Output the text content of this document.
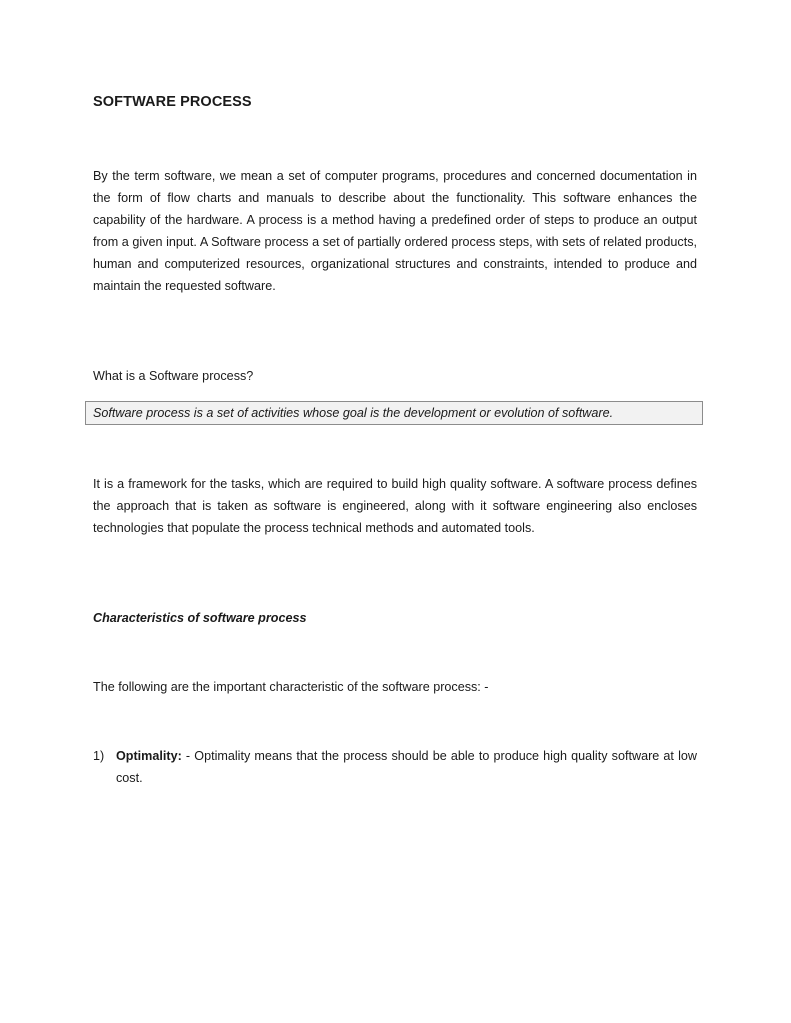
SOFTWARE PROCESS

By the term software, we mean a set of computer programs, procedures and concerned documentation in the form of flow charts and manuals to describe about the functionality. This software enhances the capability of the hardware. A process is a method having a predefined order of steps to produce an output from a given input. A Software process a set of partially ordered process steps, with sets of related products, human and computerized resources, organizational structures and constraints, intended to produce and maintain the requested software.

What is a Software process?

Software process is a set of activities whose goal is the development or evolution of software.

It is a framework for the tasks, which are required to build high quality software. A software process defines the approach that is taken as software is engineered, along with it software engineering also encloses technologies that populate the process technical methods and automated tools.

Characteristics of software process

The following are the important characteristic of the software process: -

1) Optimality: - Optimality means that the process should be able to produce high quality software at low cost.
